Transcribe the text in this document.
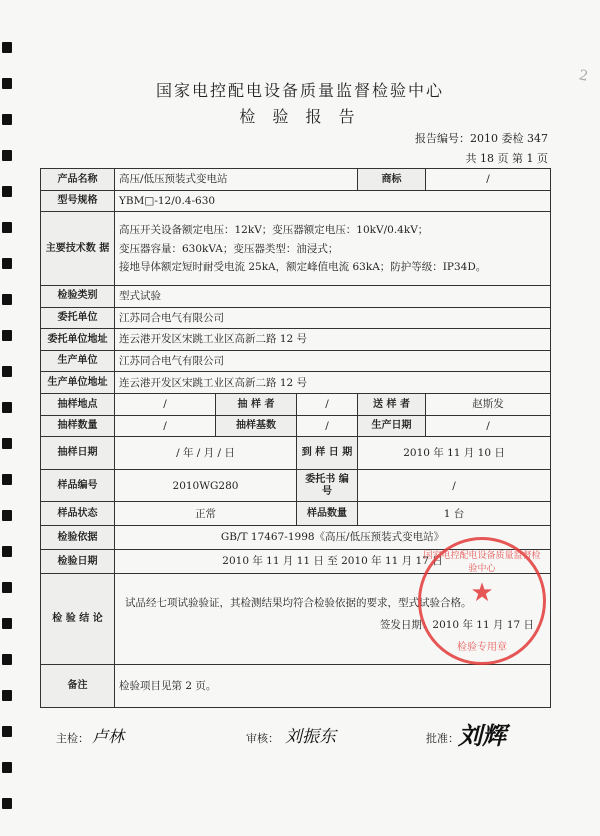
2
国家电控配电设备质量监督检验中心
检 验 报 告
报告编号：2010 委检 347
共 18 页 第 1 页
产品名称	高压/低压预装式变电站			商标	/
型号规格	YBM□-12/0.4-630				
主要技术数 据	高压开关设备额定电压：12kV；变压器额定电压：10kV/0.4kV；
变压器容量：630kVA；变压器类型：油浸式；
接地导体额定短时耐受电流 25kA，额定峰值电流 63kA；防护等级：IP34D。				

检验类别	型式试验				
委托单位	江苏同合电气有限公司				
委托单位地址	连云港开发区宋跳工业区高新二路 12 号				
生产单位	江苏同合电气有限公司				
生产单位地址	连云港开发区宋跳工业区高新二路 12 号				
抽样地点	/	抽 样 者	/	送 样 者	赵斯发
抽样数量	/	抽样基数	/	生产日期	/
抽样日期	/ 年 / 月 / 日		到 样 日 期	2010 年 11 月 10 日	
样品编号	2010WG280		委托书 编 号	/	
样品状态	正常		样品数量	1 台	
检验依据	GB/T 17467-1998《高压/低压预装式变电站》				
检验日期	2010 年 11 月 11 日 至 2010 年 11 月 17 日				
检 验 结 论	试品经七项试验验证，其检测结果均符合检验依据的要求，型式试验合格。
签发日期：2010 年 11 月 17 日				

备注	检验项目见第 2 页。				
国家电控配电设备质量监督检验中心
★
检验专用章
主检： 卢林	审核： 刘振东	批准： 刘辉
